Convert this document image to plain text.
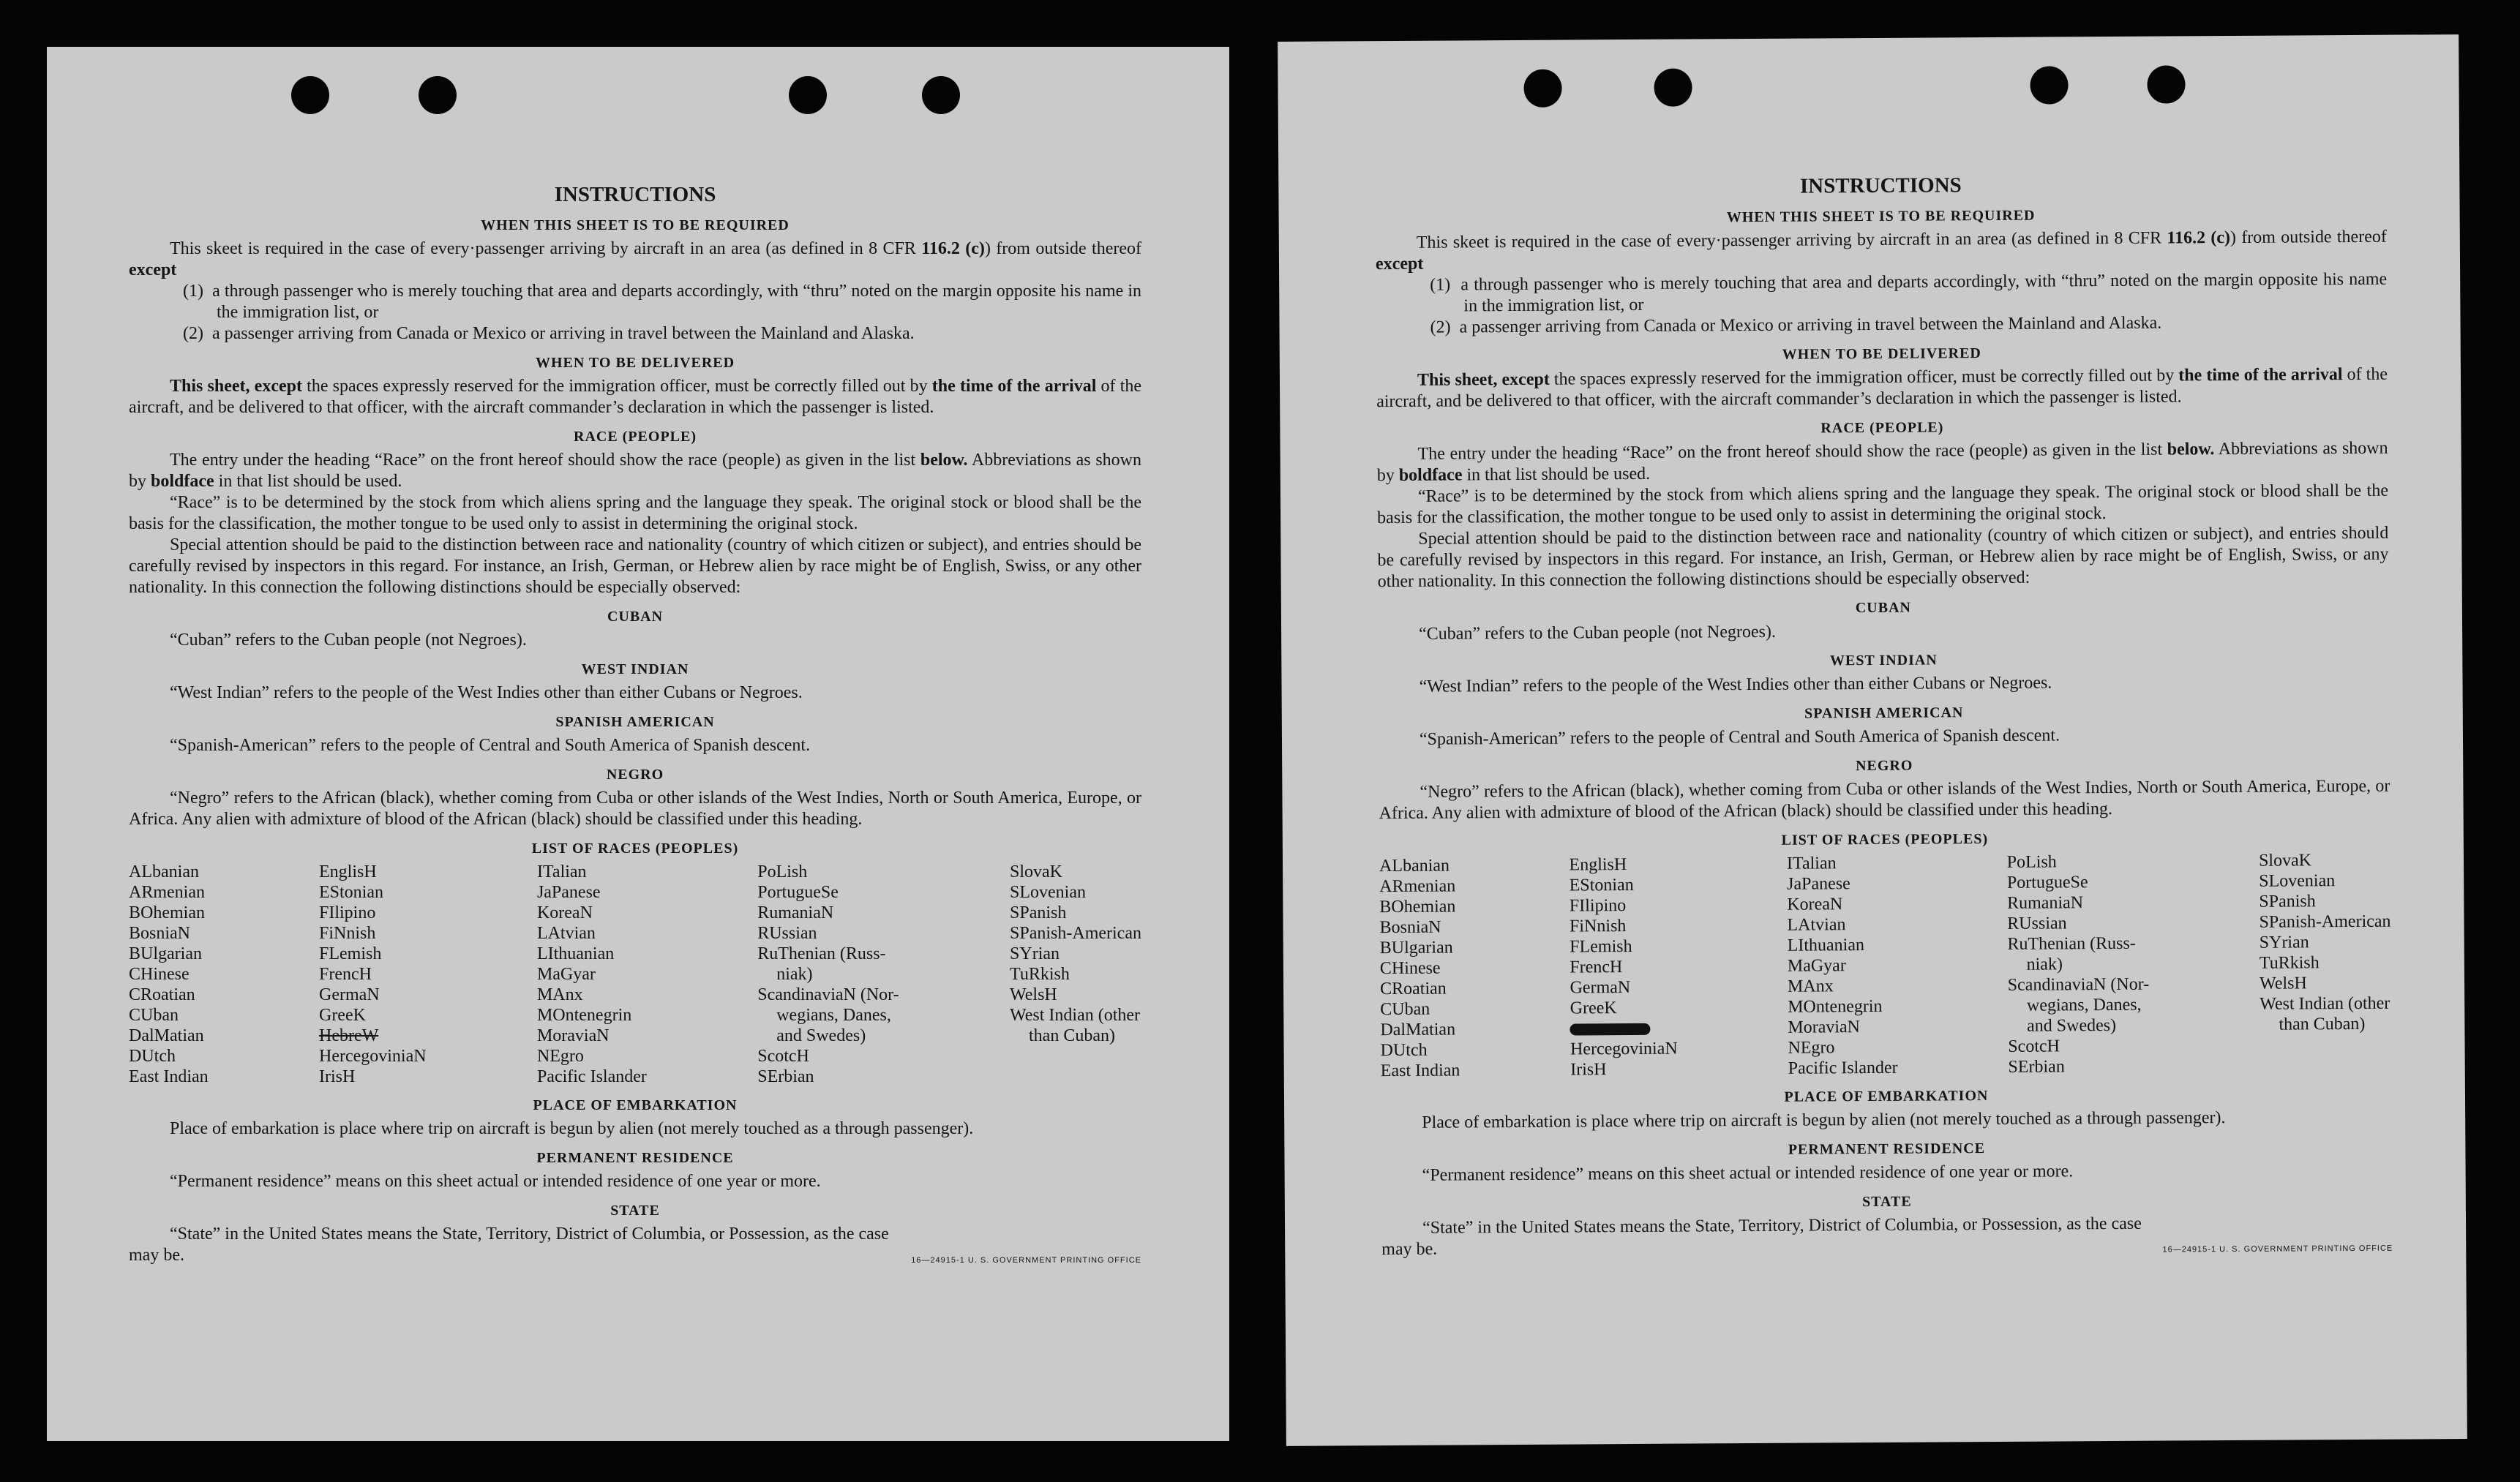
INSTRUCTIONS
WHEN THIS SHEET IS TO BE REQUIRED

This skeet is required in the case of every·passenger arriving by aircraft in an area (as defined in 8 CFR 116.2 (c)) from outside thereof except

(1) a through passenger who is merely touching that area and departs accordingly, with “thru” noted on the margin opposite his name in the immigration list, or
(2) a passenger arriving from Canada or Mexico or arriving in travel between the Mainland and Alaska.
WHEN TO BE DELIVERED

This sheet, except the spaces expressly reserved for the immigration officer, must be correctly filled out by the time of the arrival of the aircraft, and be delivered to that officer, with the aircraft commander’s declaration in which the passenger is listed.

RACE (PEOPLE)

The entry under the heading “Race” on the front hereof should show the race (people) as given in the list below. Abbreviations as shown by boldface in that list should be used.

“Race” is to be determined by the stock from which aliens spring and the language they speak. The original stock or blood shall be the basis for the classification, the mother tongue to be used only to assist in determining the original stock.

Special attention should be paid to the distinction between race and nationality (country of which citizen or subject), and entries should be carefully revised by inspectors in this regard. For instance, an Irish, German, or Hebrew alien by race might be of English, Swiss, or any other nationality. In this connection the following distinctions should be especially observed:

CUBAN

“Cuban” refers to the Cuban people (not Negroes).

WEST INDIAN

“West Indian” refers to the people of the West Indies other than either Cubans or Negroes.

SPANISH AMERICAN

“Spanish-American” refers to the people of Central and South America of Spanish descent.

NEGRO

“Negro” refers to the African (black), whether coming from Cuba or other islands of the West Indies, North or South America, Europe, or Africa. Any alien with admixture of blood of the African (black) should be classified under this heading.

LIST OF RACES (PEOPLES)
ALbanian
ARmenian
BOhemian
BosniaN
BUlgarian
CHinese
CRoatian
CUban
DalMatian
DUtch
East Indian
EnglisH
EStonian
FIlipino
FiNnish
FLemish
FrencH
GermaN
GreeK
HebreW
HercegoviniaN
IrisH
ITalian
JaPanese
KoreaN
LAtvian
LIthuanian
MaGyar
MAnx
MOntenegrin
MoraviaN
NEgro
Pacific Islander
PoLish
PortugueSe
RumaniaN
RUssian
RuThenian (Russ-
niak)
ScandinaviaN (Nor-
wegians, Danes,
and Swedes)
ScotcH
SErbian
SlovaK
SLovenian
SPanish
SPanish-American
SYrian
TuRkish
WelsH
West Indian (other
than Cuban)
PLACE OF EMBARKATION

Place of embarkation is place where trip on aircraft is begun by alien (not merely touched as a through passenger).

PERMANENT RESIDENCE

“Permanent residence” means on this sheet actual or intended residence of one year or more.

STATE

“State” in the United States means the State, Territory, District of Columbia, or Possession, as the case

may be.	16—24915-1 U. S. GOVERNMENT PRINTING OFFICE
INSTRUCTIONS
WHEN THIS SHEET IS TO BE REQUIRED

This skeet is required in the case of every·passenger arriving by aircraft in an area (as defined in 8 CFR 116.2 (c)) from outside thereof except

(1) a through passenger who is merely touching that area and departs accordingly, with “thru” noted on the margin opposite his name in the immigration list, or
(2) a passenger arriving from Canada or Mexico or arriving in travel between the Mainland and Alaska.
WHEN TO BE DELIVERED

This sheet, except the spaces expressly reserved for the immigration officer, must be correctly filled out by the time of the arrival of the aircraft, and be delivered to that officer, with the aircraft commander’s declaration in which the passenger is listed.

RACE (PEOPLE)

The entry under the heading “Race” on the front hereof should show the race (people) as given in the list below. Abbreviations as shown by boldface in that list should be used.

“Race” is to be determined by the stock from which aliens spring and the language they speak. The original stock or blood shall be the basis for the classification, the mother tongue to be used only to assist in determining the original stock.

Special attention should be paid to the distinction between race and nationality (country of which citizen or subject), and entries should be carefully revised by inspectors in this regard. For instance, an Irish, German, or Hebrew alien by race might be of English, Swiss, or any other nationality. In this connection the following distinctions should be especially observed:

CUBAN

“Cuban” refers to the Cuban people (not Negroes).

WEST INDIAN

“West Indian” refers to the people of the West Indies other than either Cubans or Negroes.

SPANISH AMERICAN

“Spanish-American” refers to the people of Central and South America of Spanish descent.

NEGRO

“Negro” refers to the African (black), whether coming from Cuba or other islands of the West Indies, North or South America, Europe, or Africa. Any alien with admixture of blood of the African (black) should be classified under this heading.

LIST OF RACES (PEOPLES)
ALbanian
ARmenian
BOhemian
BosniaN
BUlgarian
CHinese
CRoatian
CUban
DalMatian
DUtch
East Indian
EnglisH
EStonian
FIlipino
FiNnish
FLemish
FrencH
GermaN
GreeK
HercegoviniaN
IrisH
ITalian
JaPanese
KoreaN
LAtvian
LIthuanian
MaGyar
MAnx
MOntenegrin
MoraviaN
NEgro
Pacific Islander
PoLish
PortugueSe
RumaniaN
RUssian
RuThenian (Russ-
niak)
ScandinaviaN (Nor-
wegians, Danes,
and Swedes)
ScotcH
SErbian
SlovaK
SLovenian
SPanish
SPanish-American
SYrian
TuRkish
WelsH
West Indian (other
than Cuban)
PLACE OF EMBARKATION

Place of embarkation is place where trip on aircraft is begun by alien (not merely touched as a through passenger).

PERMANENT RESIDENCE

“Permanent residence” means on this sheet actual or intended residence of one year or more.

STATE

“State” in the United States means the State, Territory, District of Columbia, or Possession, as the case

may be.	16—24915-1 U. S. GOVERNMENT PRINTING OFFICE
